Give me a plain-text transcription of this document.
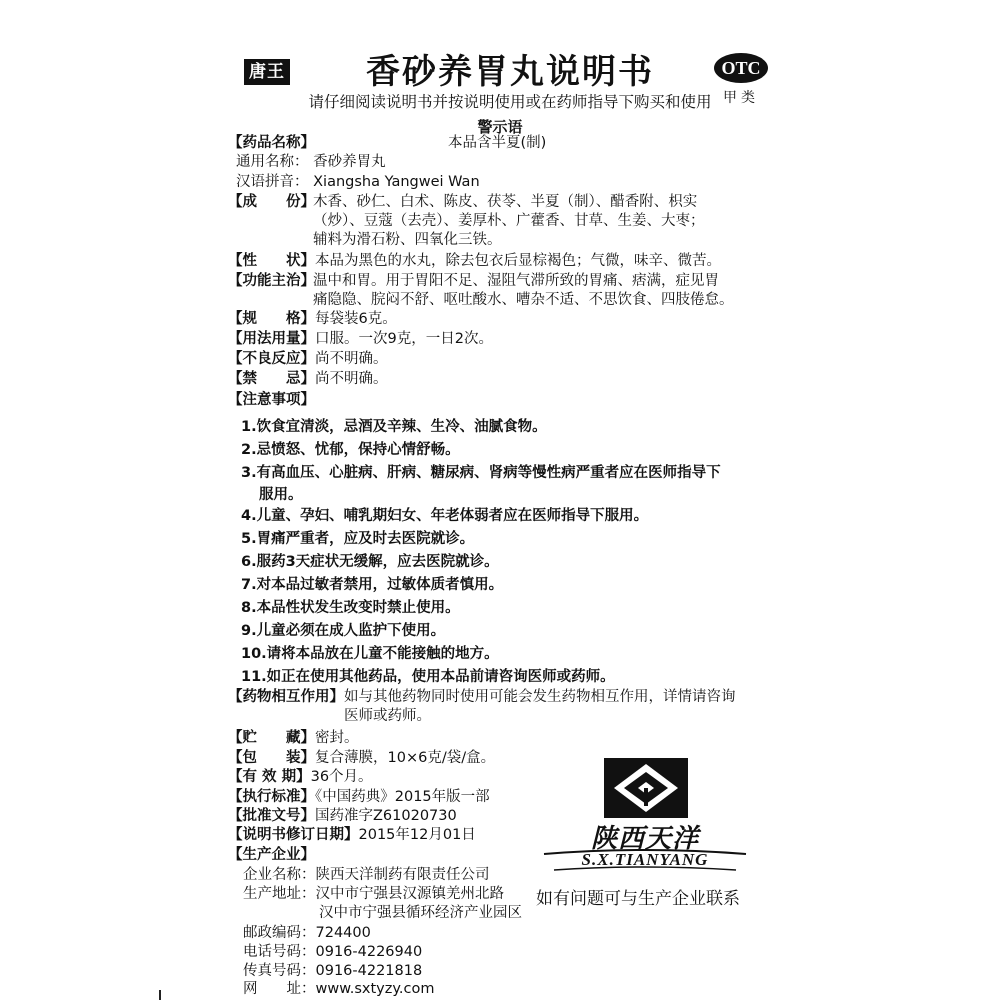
唐王	香砂养胃丸说明书	OTC
甲类
请仔细阅读说明书并按说明使用或在药师指导下购买和使用
警示语
【药品名称】	本品含半夏(制)
通用名称： 香砂养胃丸
汉语拼音： Xiangsha Yangwei Wan
【成　　份】
木香、砂仁、白术、陈皮、茯苓、半夏（制）、醋香附、枳实
（炒）、豆蔻（去壳）、姜厚朴、广藿香、甘草、生姜、大枣；
辅料为滑石粉、四氧化三铁。
【性　　状】本品为黑色的水丸，除去包衣后显棕褐色；气微，味辛、微苦。
【功能主治】
温中和胃。用于胃阳不足、湿阻气滞所致的胃痛、痞满，症见胃
痛隐隐、脘闷不舒、呕吐酸水、嘈杂不适、不思饮食、四肢倦怠。
【规　　格】每袋装6克。
【用法用量】口服。一次9克，一日2次。
【不良反应】尚不明确。
【禁　　忌】尚不明确。
【注意事项】
1.饮食宜清淡，忌酒及辛辣、生冷、油腻食物。
2.忌愤怒、忧郁，保持心情舒畅。
3.有高血压、心脏病、肝病、糖尿病、肾病等慢性病严重者应在医师指导下
服用。
4.儿童、孕妇、哺乳期妇女、年老体弱者应在医师指导下服用。
5.胃痛严重者，应及时去医院就诊。
6.服药3天症状无缓解，应去医院就诊。
7.对本品过敏者禁用，过敏体质者慎用。
8.本品性状发生改变时禁止使用。
9.儿童必须在成人监护下使用。
10.请将本品放在儿童不能接触的地方。
11.如正在使用其他药品，使用本品前请咨询医师或药师。
【药物相互作用】 如与其他药物同时使用可能会发生药物相互作用，详情请咨询
医师或药师。
【贮　　藏】密封。
【包　　装】复合薄膜，10×6克/袋/盒。
【有 效 期】36个月。
【执行标准】《中国药典》2015年版一部
【批准文号】国药准字Z61020730
【说明书修订日期】2015年12月01日
【生产企业】
企业名称：陕西天洋制药有限责任公司
生产地址：汉中市宁强县汉源镇羌州北路
汉中市宁强县循环经济产业园区
邮政编码：724400
电话号码：0916-4226940
传真号码：0916-4221818
网　　址：www.sxtyzy.com
陕西天洋
S.X.TIANYANG
如有问题可与生产企业联系
